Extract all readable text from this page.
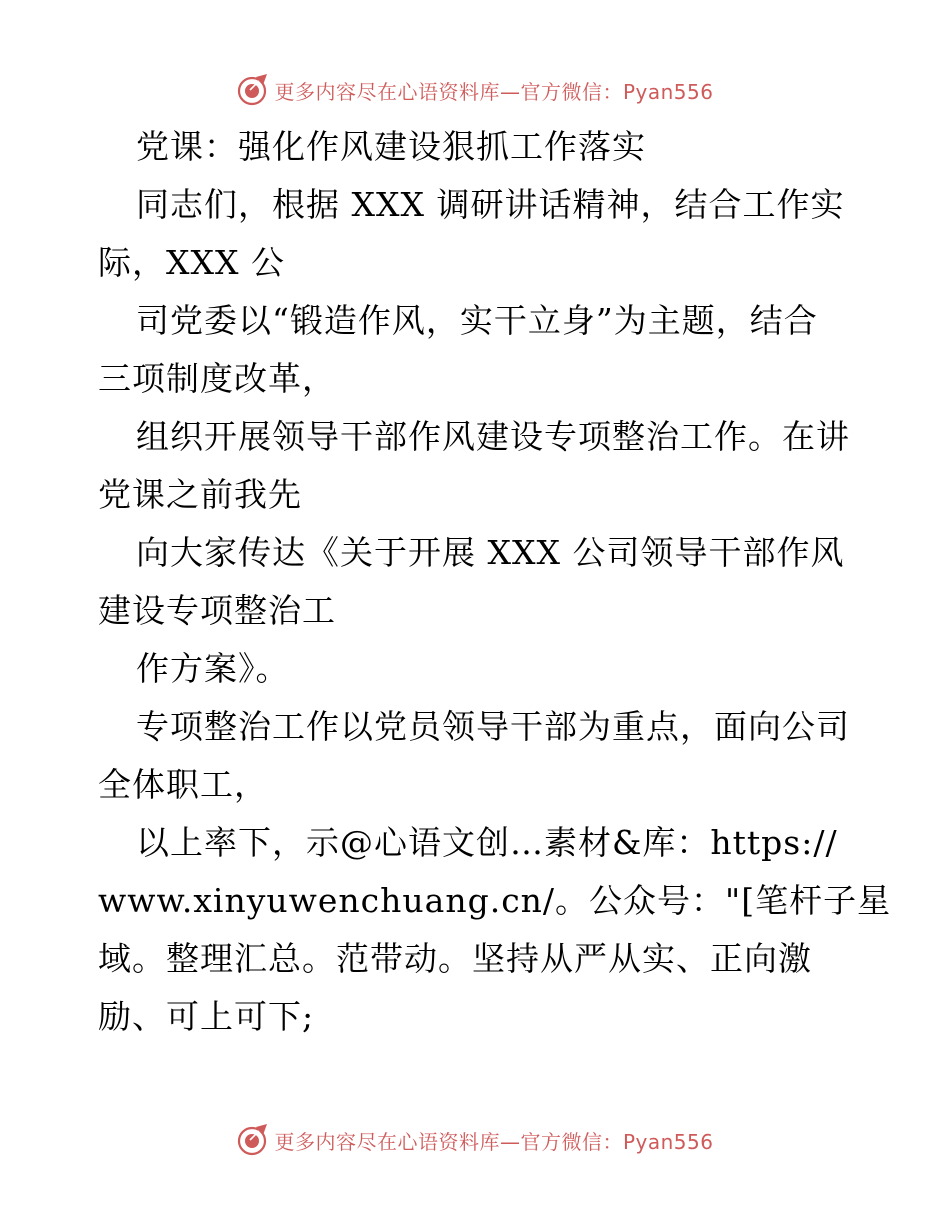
更多内容尽在心语资料库—官方微信：Pyan556
党课：强化作风建设狠抓工作落实
同志们，根据 XXX 调研讲话精神，结合工作实
际，XXX 公
司党委以“锻造作风，实干立身”为主题，结合
三项制度改革，
组织开展领导干部作风建设专项整治工作。在讲
党课之前我先
向大家传达《关于开展 XXX 公司领导干部作风
建设专项整治工
作方案》。
专项整治工作以党员领导干部为重点，面向公司
全体职工，
以上率下，示@心语文创…素材&库：https://
www.xinyuwenchuang.cn/。公众号："[笔杆子星
域。整理汇总。范带动。坚持从严从实、正向激
励、可上可下;
更多内容尽在心语资料库—官方微信：Pyan556
